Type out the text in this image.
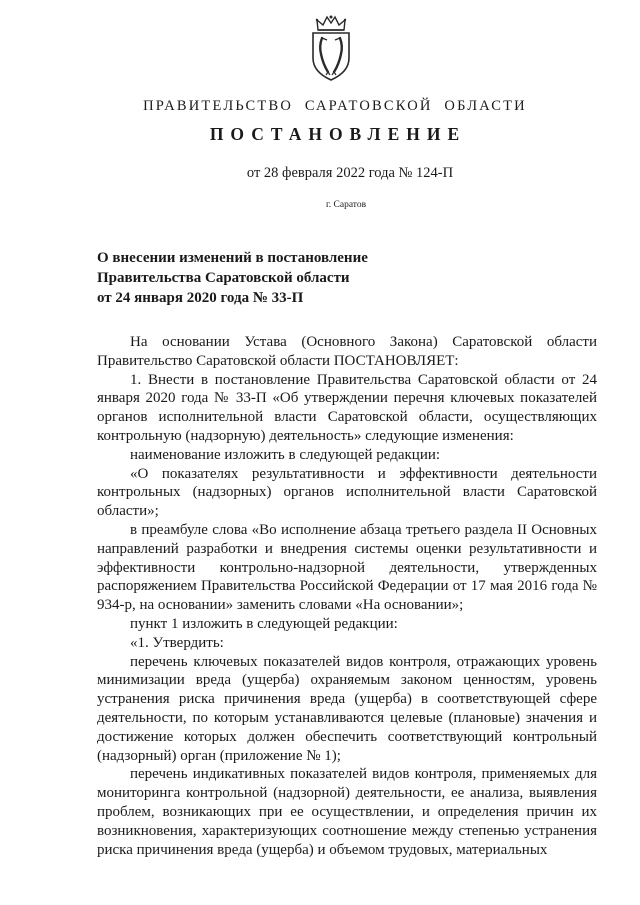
ПРАВИТЕЛЬСТВО САРАТОВСКОЙ ОБЛАСТИ
ПОСТАНОВЛЕНИЕ
от 28 февраля 2022 года № 124-П
г. Саратов
О внесении изменений в постановление
Правительства Саратовской области
от 24 января 2020 года № 33-П

На основании Устава (Основного Закона) Саратовской области Правительство Саратовской области ПОСТАНОВЛЯЕТ:

1. Внести в постановление Правительства Саратовской области от 24 января 2020 года № 33-П «Об утверждении перечня ключевых показателей органов исполнительной власти Саратовской области, осуществляющих контрольную (надзорную) деятельность» следующие изменения:

наименование изложить в следующей редакции:

«О показателях результативности и эффективности деятельности контрольных (надзорных) органов исполнительной власти Саратовской области»;

в преамбуле слова «Во исполнение абзаца третьего раздела II Основных направлений разработки и внедрения системы оценки результативности и эффективности контрольно-надзорной деятельности, утвержденных распоряжением Правительства Российской Федерации от 17 мая 2016 года № 934-р, на основании» заменить словами «На основании»;

пункт 1 изложить в следующей редакции:

«1. Утвердить:

перечень ключевых показателей видов контроля, отражающих уровень минимизации вреда (ущерба) охраняемым законом ценностям, уровень устранения риска причинения вреда (ущерба) в соответствующей сфере деятельности, по которым устанавливаются целевые (плановые) значения и достижение которых должен обеспечить соответствующий контрольный (надзорный) орган (приложение № 1);

перечень индикативных показателей видов контроля, применяемых для мониторинга контрольной (надзорной) деятельности, ее анализа, выявления проблем, возникающих при ее осуществлении, и определения причин их возникновения, характеризующих соотношение между степенью устранения риска причинения вреда (ущерба) и объемом трудовых, материальных
